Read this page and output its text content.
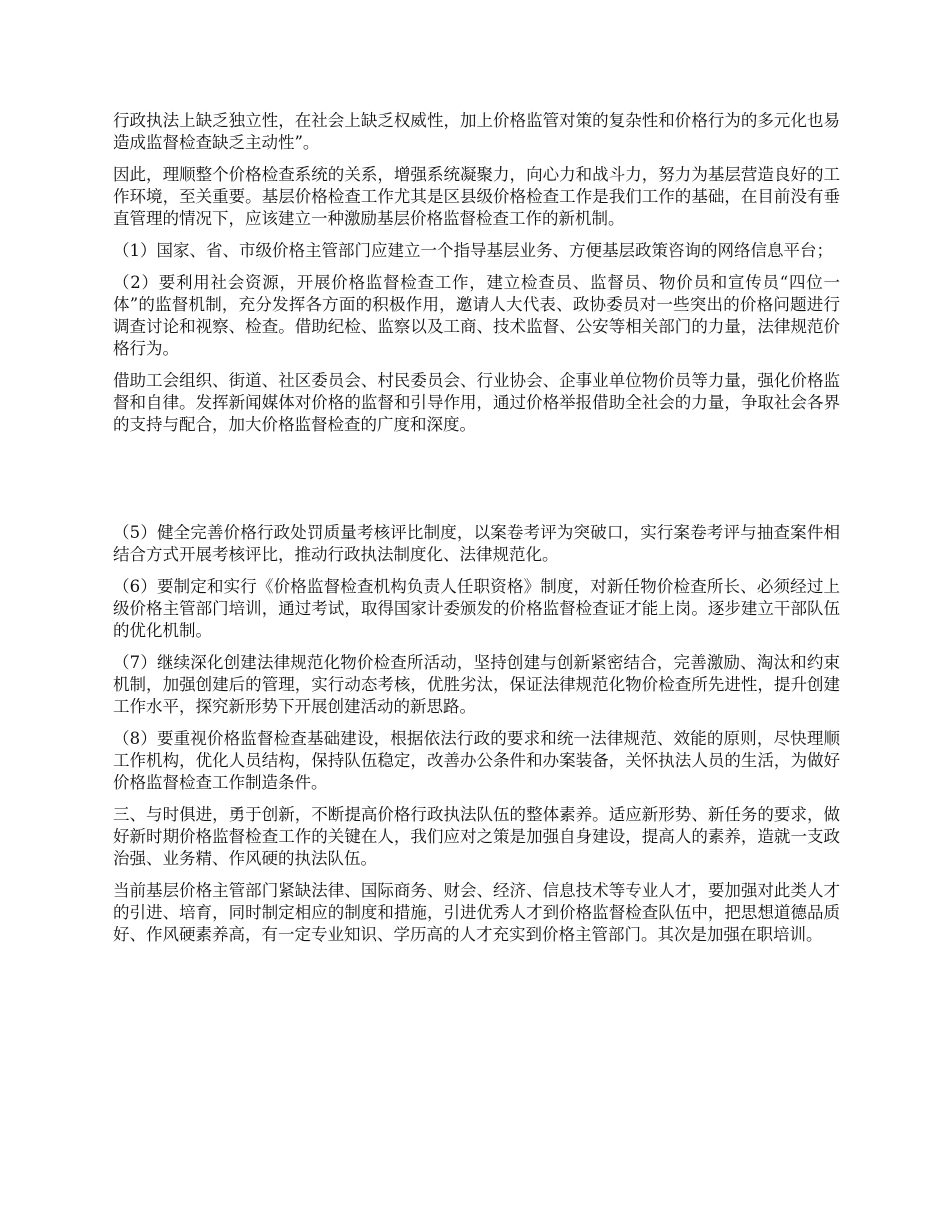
行政执法上缺乏独立性，在社会上缺乏权威性，加上价格监管对策的复杂性和价格行为的多元化也易造成监督检查缺乏主动性”。

因此，理顺整个价格检查系统的关系，增强系统凝聚力，向心力和战斗力，努力为基层营造良好的工作环境，至关重要。基层价格检查工作尤其是区县级价格检查工作是我们工作的基础，在目前没有垂直管理的情况下，应该建立一种激励基层价格监督检查工作的新机制。

（1）国家、省、市级价格主管部门应建立一个指导基层业务、方便基层政策咨询的网络信息平台；

（2）要利用社会资源，开展价格监督检查工作，建立检查员、监督员、物价员和宣传员“四位一体”的监督机制，充分发挥各方面的积极作用，邀请人大代表、政协委员对一些突出的价格问题进行调查讨论和视察、检查。借助纪检、监察以及工商、技术监督、公安等相关部门的力量，法律规范价格行为。

借助工会组织、街道、社区委员会、村民委员会、行业协会、企事业单位物价员等力量，强化价格监督和自律。发挥新闻媒体对价格的监督和引导作用，通过价格举报借助全社会的力量，争取社会各界的支持与配合，加大价格监督检查的广度和深度。

（5）健全完善价格行政处罚质量考核评比制度，以案卷考评为突破口，实行案卷考评与抽查案件相结合方式开展考核评比，推动行政执法制度化、法律规范化。

（6）要制定和实行《价格监督检查机构负责人任职资格》制度，对新任物价检查所长、必须经过上级价格主管部门培训，通过考试，取得国家计委颁发的价格监督检查证才能上岗。逐步建立干部队伍的优化机制。

（7）继续深化创建法律规范化物价检查所活动，坚持创建与创新紧密结合，完善激励、淘汰和约束机制，加强创建后的管理，实行动态考核，优胜劣汰，保证法律规范化物价检查所先进性，提升创建工作水平，探究新形势下开展创建活动的新思路。

（8）要重视价格监督检查基础建设，根据依法行政的要求和统一法律规范、效能的原则，尽快理顺工作机构，优化人员结构，保持队伍稳定，改善办公条件和办案装备，关怀执法人员的生活，为做好价格监督检查工作制造条件。

三、与时俱进，勇于创新，不断提高价格行政执法队伍的整体素养。适应新形势、新任务的要求，做好新时期价格监督检查工作的关键在人，我们应对之策是加强自身建设，提高人的素养，造就一支政治强、业务精、作风硬的执法队伍。

当前基层价格主管部门紧缺法律、国际商务、财会、经济、信息技术等专业人才，要加强对此类人才的引进、培育，同时制定相应的制度和措施，引进优秀人才到价格监督检查队伍中，把思想道德品质好、作风硬素养高，有一定专业知识、学历高的人才充实到价格主管部门。其次是加强在职培训。
